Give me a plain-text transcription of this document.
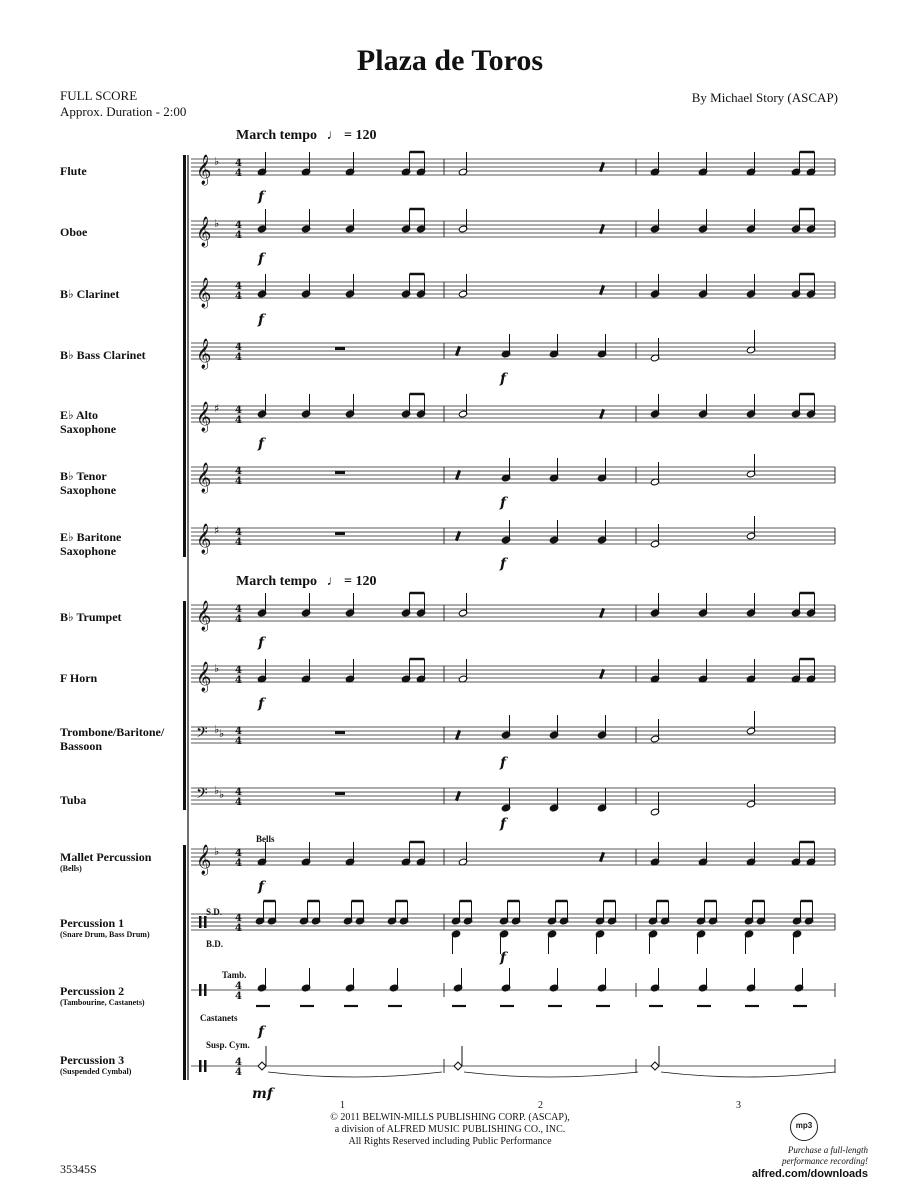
Plaza de Toros
FULL SCORE
Approx. Duration - 2:00
By Michael Story (ASCAP)
March tempo ♩ = 120
March tempo ♩ = 120
Flute
Oboe
B♭ Clarinet
B♭ Bass Clarinet
E♭ Alto Saxophone
B♭ Tenor Saxophone
E♭ Baritone Saxophone
B♭ Trumpet
F Horn
Trombone/Baritone/ Bassoon
Tuba
Mallet Percussion
(Bells)
Percussion 1
(Snare Drum, Bass Drum)
Percussion 2
(Tambourine, Castanets)
Percussion 3
(Suspended Cymbal)
Bells
S.D.
B.D.
Tamb.
Castanets
Susp. Cym.
𝄞 ♭ 4
4
𝄞 ♭ 4
4
𝄞 4
4
𝄞 4
4
𝄞 ♯ 4
4
𝄞 4
4
𝄞 ♯ 4
4
𝄞 4
4
𝄞 ♭ 4
4
𝄢 ♭ ♭ 4
4
𝄢 ♭ ♭ 4
4
𝄞 ♭ 4
4
4
4
4
4
4
4
f
f
f
f
f
f
f
f
f
f
f
f
f
f
mf
1	2	3
© 2011 BELWIN-MILLS PUBLISHING CORP. (ASCAP),
a division of ALFRED MUSIC PUBLISHING CO., INC.
All Rights Reserved including Public Performance
35345S
mp3
Purchase a full-length
performance recording!
alfred.com/downloads
